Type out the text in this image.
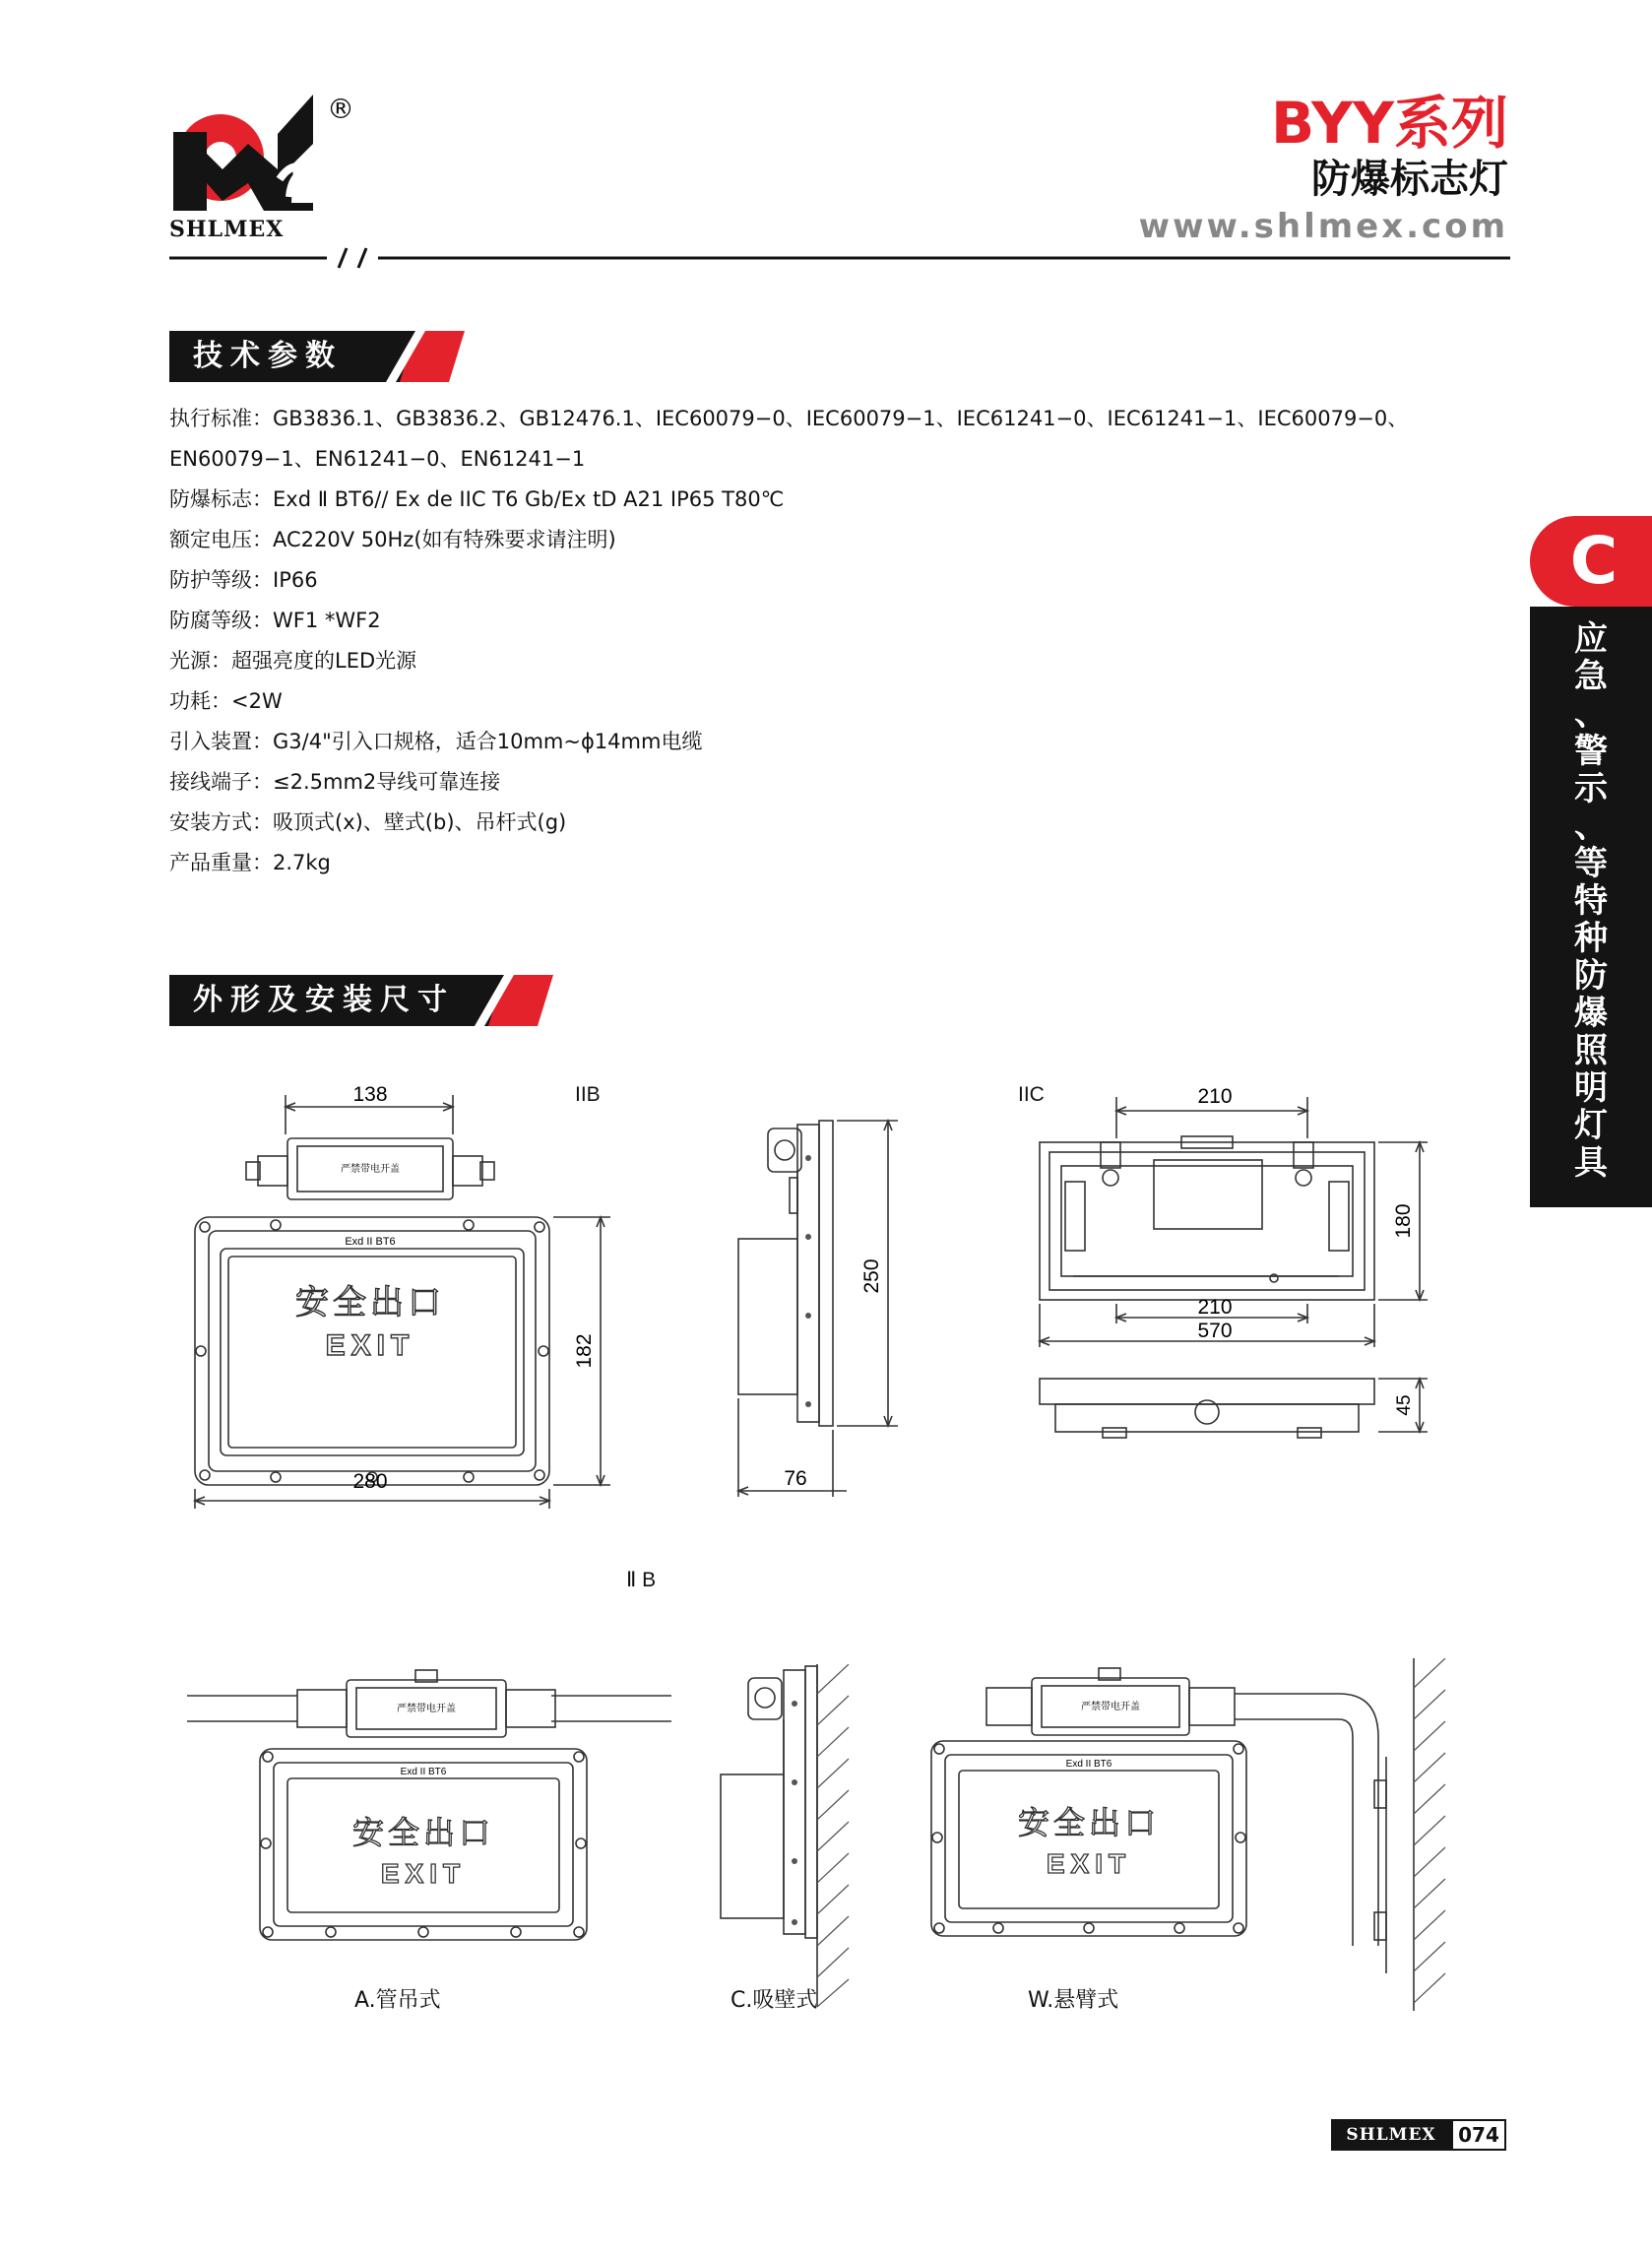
SHLMEX
®	BYY系列
防爆标志灯
www.shlmex.com
技术参数
执行标准：GB3836.1、GB3836.2、GB12476.1、IEC60079−0、IEC60079−1、IEC61241−0、IEC61241−1、IEC60079−0、
EN60079−1、EN61241−0、EN61241−1
防爆标志：Exd Ⅱ BT6// Ex de IIC T6 Gb/Ex tD A21 IP65 T80℃
额定电压：AC220V 50Hz(如有特殊要求请注明)
防护等级：IP66
防腐等级：WF1 *WF2
光源：超强亮度的LED光源
功耗：<2W
引入装置：G3/4"引入口规格，适合10mm~ϕ14mm电缆
接线端子：≤2.5mm2导线可靠连接
安装方式：吸顶式(x)、壁式(b)、吊杆式(g)
产品重量：2.7kg
C
应
急
、
警
示
、
等
特
种
防
爆
照
明
灯
具
外形及安装尺寸
138
严禁带电开盖
Exd II BT6
安全出口
EXIT	182
280
IIB
250
76
IIC	210
180
210
570
45
Ⅱ B
严禁带电开盖
Exd II BT6
安全出口
EXIT
严禁带电开盖
Exd II BT6
安全出口
EXIT
A.管吊式	C.吸壁式	W.悬臂式
SHLMEX	074
